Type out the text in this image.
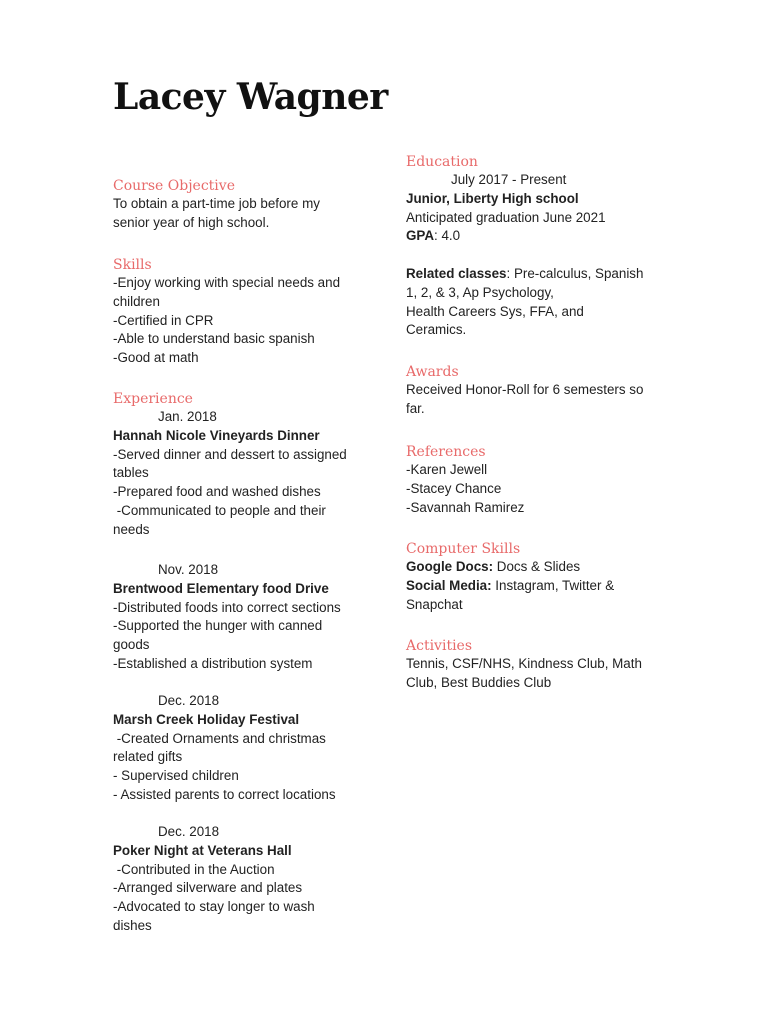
Lacey Wagner

Course Objective

To obtain a part-time job before my

senior year of high school.

Skills

-Enjoy working with special needs and

children

-Certified in CPR

-Able to understand basic spanish

-Good at math

Experience

Jan. 2018

Hannah Nicole Vineyards Dinner

-Served dinner and dessert to assigned

tables

-Prepared food and washed dishes

-Communicated to people and their

needs

Nov. 2018

Brentwood Elementary food Drive

-Distributed foods into correct sections

-Supported the hunger with canned

goods

-Established a distribution system

Dec. 2018

Marsh Creek Holiday Festival

-Created Ornaments and christmas

related gifts

- Supervised children

- Assisted parents to correct locations

Dec. 2018

Poker Night at Veterans Hall

-Contributed in the Auction

-Arranged silverware and plates

-Advocated to stay longer to wash

dishes

Education

July 2017 - Present

Junior, Liberty High school

Anticipated graduation June 2021

GPA: 4.0

Related classes: Pre-calculus, Spanish

1, 2, & 3, Ap Psychology,

Health Careers Sys, FFA, and

Ceramics.

Awards

Received Honor-Roll for 6 semesters so

far.

References

-Karen Jewell

-Stacey Chance

-Savannah Ramirez

Computer Skills

Google Docs: Docs & Slides

Social Media: Instagram, Twitter &

Snapchat

Activities

Tennis, CSF/NHS, Kindness Club, Math

Club, Best Buddies Club
